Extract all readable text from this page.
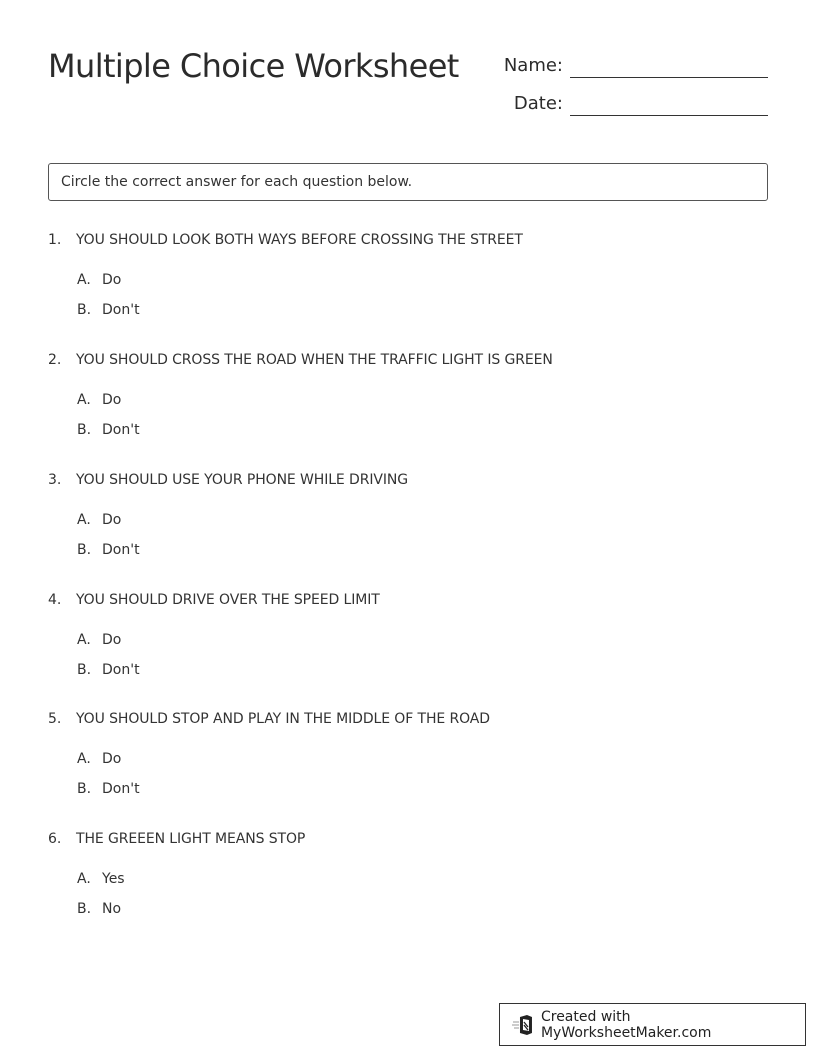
Multiple Choice Worksheet	Name:
Date:
Circle the correct answer for each question below.
1.	YOU SHOULD LOOK BOTH WAYS BEFORE CROSSING THE STREET
A. Do
B. Don't
2.	YOU SHOULD CROSS THE ROAD WHEN THE TRAFFIC LIGHT IS GREEN
A. Do
B. Don't
3.	YOU SHOULD USE YOUR PHONE WHILE DRIVING
A. Do
B. Don't
4.	YOU SHOULD DRIVE OVER THE SPEED LIMIT
A. Do
B. Don't
5.	YOU SHOULD STOP AND PLAY IN THE MIDDLE OF THE ROAD
A. Do
B. Don't
6.	THE GREEEN LIGHT MEANS STOP
A. Yes
B. No
Created with MyWorksheetMaker.com
